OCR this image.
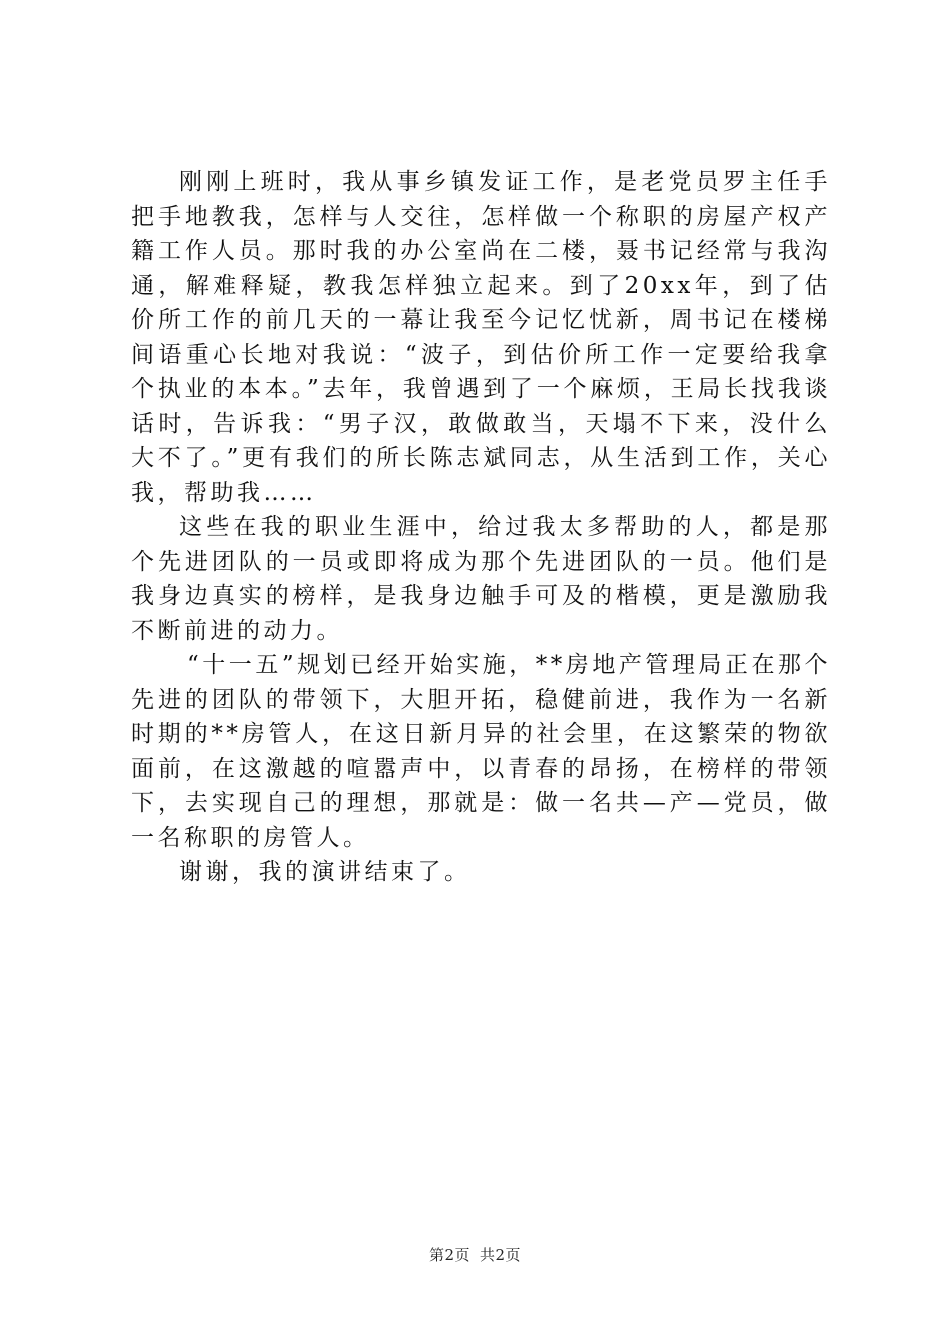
刚刚上班时，我从事乡镇发证工作，是老党员罗主任手把手地教我，怎样与人交往，怎样做一个称职的房屋产权产籍工作人员。那时我的办公室尚在二楼，聂书记经常与我沟通，解难释疑，教我怎样独立起来。到了20xx年，到了估价所工作的前几天的一幕让我至今记忆忧新，周书记在楼梯间语重心长地对我说：“波子，到估价所工作一定要给我拿个执业的本本。”去年，我曾遇到了一个麻烦，王局长找我谈话时，告诉我：“男子汉，敢做敢当，天塌不下来，没什么大不了。”更有我们的所长陈志斌同志，从生活到工作，关心我，帮助我……

这些在我的职业生涯中，给过我太多帮助的人，都是那个先进团队的一员或即将成为那个先进团队的一员。他们是我身边真实的榜样，是我身边触手可及的楷模，更是激励我不断前进的动力。

“十一五”规划已经开始实施，**房地产管理局正在那个先进的团队的带领下，大胆开拓，稳健前进，我作为一名新时期的**房管人，在这日新月异的社会里，在这繁荣的物欲面前，在这激越的喧嚣声中，以青春的昂扬，在榜样的带领下，去实现自己的理想，那就是：做一名共—产—党员，做一名称职的房管人。

谢谢，我的演讲结束了。

第2页 共2页
